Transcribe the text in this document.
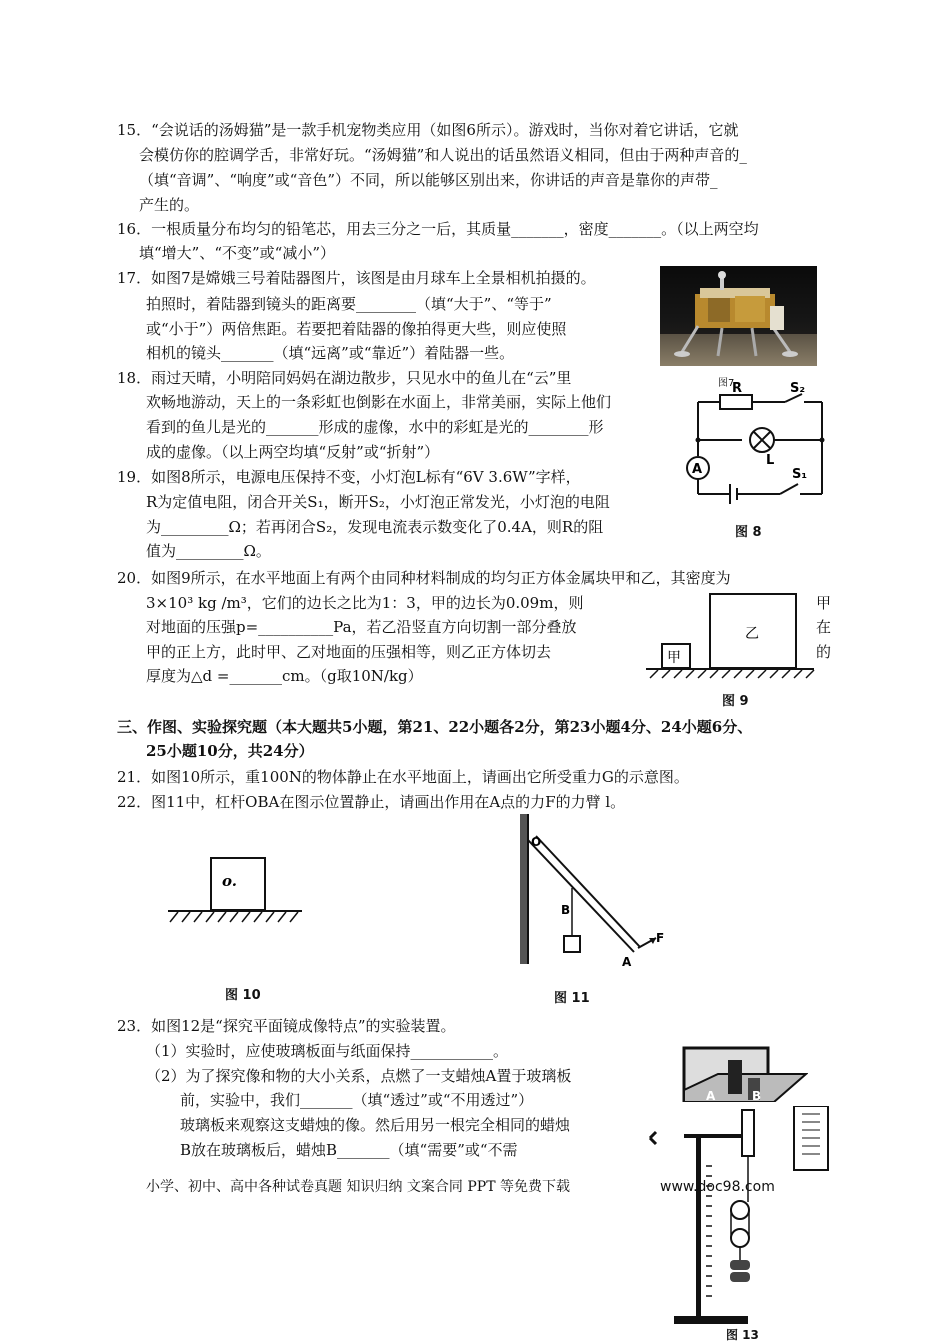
15．“会说话的汤姆猫”是一款手机宠物类应用（如图6所示）。游戏时，当你对着它讲话，它就
会模仿你的腔调学舌，非常好玩。“汤姆猫”和人说出的话虽然语义相同，但由于两种声音的_
（填“音调”、“响度”或“音色”）不同，所以能够区别出来，你讲话的声音是靠你的声带_
产生的。
16．一根质量分布均匀的铅笔芯，用去三分之一后，其质量_______，密度_______。（以上两空均
填“增大”、“不变”或“减小”）
17．如图7是嫦娥三号着陆器图片，该图是由月球车上全景相机拍摄的。
拍照时，着陆器到镜头的距离要________（填“大于”、“等于”
或“小于”）两倍焦距。若要把着陆器的像拍得更大些，则应使照
相机的镜头_______（填“远离”或“靠近”）着陆器一些。
图7
18．雨过天晴，小明陪同妈妈在湖边散步，只见水中的鱼儿在“云”里
欢畅地游动，天上的一条彩虹也倒影在水面上，非常美丽，实际上他们
看到的鱼儿是光的_______形成的虚像，水中的彩虹是光的________形
成的虚像。（以上两空均填“反射”或“折射”）
19．如图8所示，电源电压保持不变，小灯泡L标有“6V 3.6W”字样，
R为定值电阻，闭合开关S₁，断开S₂，小灯泡正常发光，小灯泡的电阻
为_________Ω；若再闭合S₂，发现电流表示数变化了0.4A，则R的阻
值为_________Ω。
R	S₂
L
A	S₁
图 8
20．如图9所示，在水平地面上有两个由同种材料制成的均匀正方体金属块甲和乙，其密度为
3×10³ kg /m³，它们的边长之比为1：3，甲的边长为0.09m，则
对地面的压强p=__________Pa，若乙沿竖直方向切割一部分叠放
甲的正上方，此时甲、乙对地面的压强相等，则乙正方体切去
厚度为△d =_______cm。（g取10N/kg）
甲
在
的
甲
乙
图 9
三、作图、实验探究题（本大题共5小题，第21、22小题各2分，第23小题4分、24小题6分、
25小题10分，共24分）
21．如图10所示，重100N的物体静止在水平地面上，请画出它所受重力G的示意图。
22．图11中，杠杆OBA在图示位置静止，请画出作用在A点的力F的力臂 l。
o.
图 10
O
B
A
F
图 11
23．如图12是“探究平面镜成像特点”的实验装置。
（1）实验时，应使玻璃板面与纸面保持___________。
（2）为了探究像和物的大小关系，点燃了一支蜡烛A置于玻璃板
前，实验中，我们_______（填“透过”或“不用透过”）
玻璃板来观察这支蜡烛的像。然后用另一根完全相同的蜡烛
B放在玻璃板后，蜡烛B_______（填“需要”或“不需
A	B
图 13
小学、初中、高中各种试卷真题 知识归纳 文案合同 PPT 等免费下载	www.doc98.com
